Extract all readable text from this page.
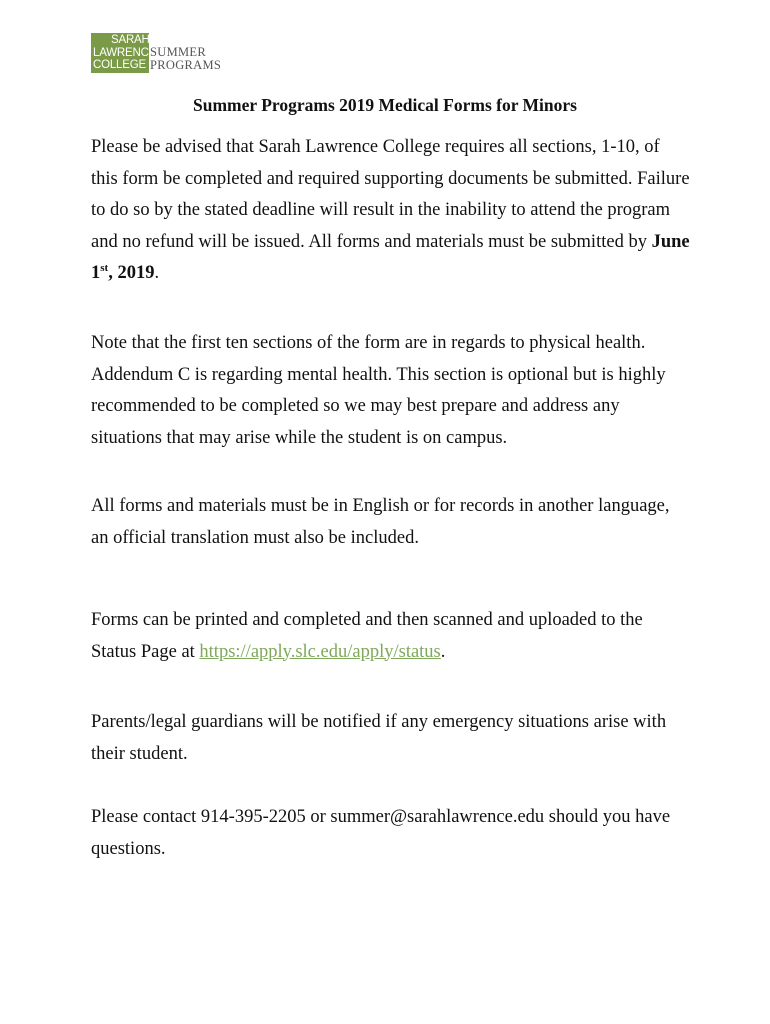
SARAH
LAWRENCE
COLLEGE
SUMMER
PROGRAMS
Summer Programs 2019 Medical Forms for Minors

Please be advised that Sarah Lawrence College requires all sections, 1-10, of this form be completed and required supporting documents be submitted. Failure to do so by the stated deadline will result in the inability to attend the program and no refund will be issued. All forms and materials must be submitted by June 1st, 2019.

Note that the first ten sections of the form are in regards to physical health. Addendum C is regarding mental health. This section is optional but is highly recommended to be completed so we may best prepare and address any situations that may arise while the student is on campus.

All forms and materials must be in English or for records in another language, an official translation must also be included.

Forms can be printed and completed and then scanned and uploaded to the Status Page at https://apply.slc.edu/apply/status.

Parents/legal guardians will be notified if any emergency situations arise with their student.

Please contact 914-395-2205 or summer@sarahlawrence.edu should you have questions.
